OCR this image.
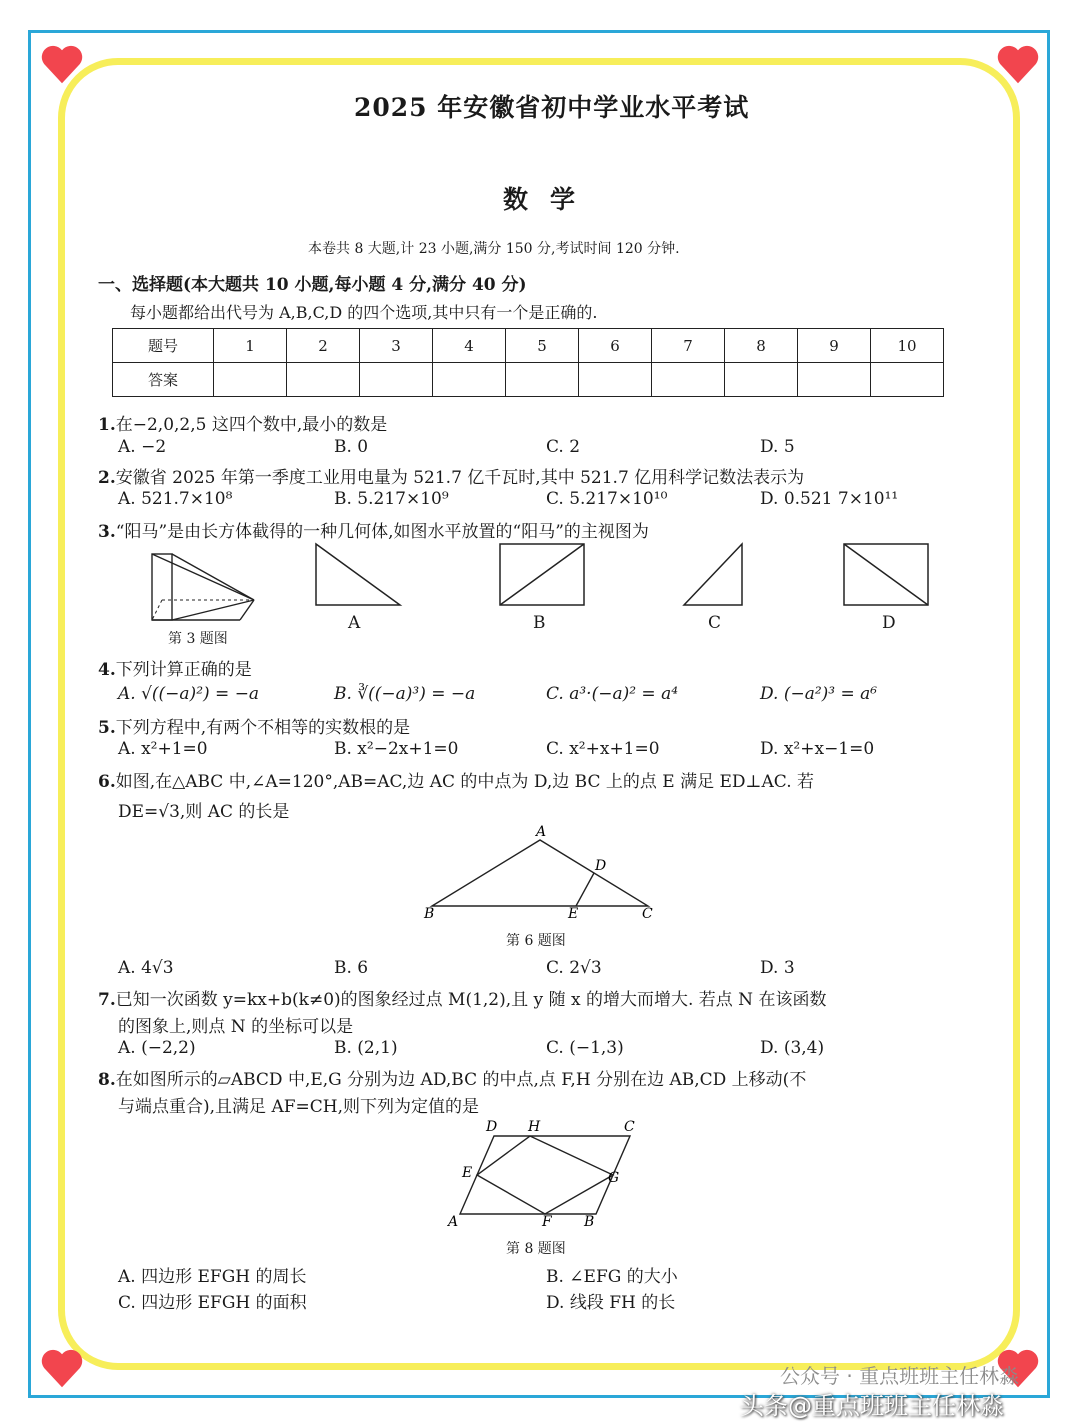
2025 年安徽省初中学业水平考试
数学
本卷共 8 大题,计 23 小题,满分 150 分,考试时间 120 分钟.
一、选择题(本大题共 10 小题,每小题 4 分,满分 40 分)
每小题都给出代号为 A,B,C,D 的四个选项,其中只有一个是正确的.
题号	1	2	3	4	5	6	7	8	9	10
答案										
1.在−2,0,2,5 这四个数中,最小的数是
A. −2	B. 0	C. 2	D. 5
2.安徽省 2025 年第一季度工业用电量为 521.7 亿千瓦时,其中 521.7 亿用科学记数法表示为
A. 521.7×10⁸	B. 5.217×10⁹	C. 5.217×10¹⁰	D. 0.521 7×10¹¹
3.“阳马”是由长方体截得的一种几何体,如图水平放置的“阳马”的主视图为
第 3 题图
A	B	C	D
4.下列计算正确的是
A. √((−a)²) = −a	B. ∛((−a)³) = −a	C. a³·(−a)² = a⁴	D. (−a²)³ = a⁶
5.下列方程中,有两个不相等的实数根的是
A. x²+1=0	B. x²−2x+1=0	C. x²+x+1=0	D. x²+x−1=0
6.如图,在△ABC 中,∠A=120°,AB=AC,边 AC 的中点为 D,边 BC 上的点 E 满足 ED⊥AC. 若
DE=√3,则 AC 的长是
A
B	C
D
E
第 6 题图
A. 4√3	B. 6	C. 2√3	D. 3
7.已知一次函数 y=kx+b(k≠0)的图象经过点 M(1,2),且 y 随 x 的增大而增大. 若点 N 在该函数
的图象上,则点 N 的坐标可以是
A. (−2,2)	B. (2,1)	C. (−1,3)	D. (3,4)
8.在如图所示的▱ABCD 中,E,G 分别为边 AD,BC 的中点,点 F,H 分别在边 AB,CD 上移动(不
与端点重合),且满足 AF=CH,则下列为定值的是
D H	C
E	G
A	F B
第 8 题图
A. 四边形 EFGH 的周长	B. ∠EFG 的大小
C. 四边形 EFGH 的面积	D. 线段 FH 的长
公众号 · 重点班班主任林淼
头条@重点班班主任林淼
